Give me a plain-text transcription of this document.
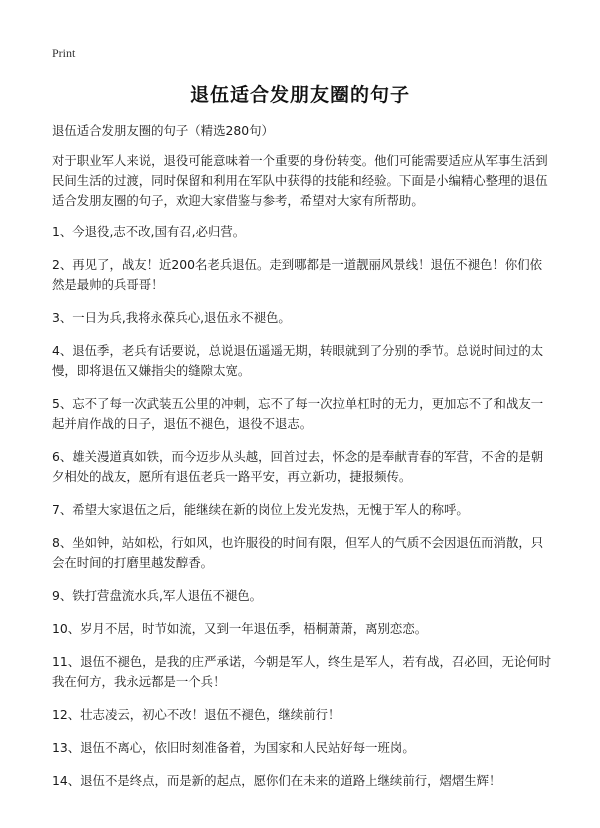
Print
退伍适合发朋友圈的句子

退伍适合发朋友圈的句子（精选280句）

对于职业军人来说，退役可能意味着一个重要的身份转变。他们可能需要适应从军事生活到民间生活的过渡，同时保留和利用在军队中获得的技能和经验。下面是小编精心整理的退伍适合发朋友圈的句子，欢迎大家借鉴与参考，希望对大家有所帮助。

1、今退役,志不改,国有召,必归营。

2、再见了，战友！近200名老兵退伍。走到哪都是一道靓丽风景线！退伍不褪色！你们依然是最帅的兵哥哥！

3、一日为兵,我将永葆兵心,退伍永不褪色。

4、退伍季，老兵有话要说，总说退伍遥遥无期，转眼就到了分别的季节。总说时间过的太慢，即将退伍又嫌指尖的缝隙太宽。

5、忘不了每一次武装五公里的冲刺，忘不了每一次拉单杠时的无力，更加忘不了和战友一起并肩作战的日子，退伍不褪色，退役不退志。

6、雄关漫道真如铁，而今迈步从头越，回首过去，怀念的是奉献青春的军营，不舍的是朝夕相处的战友，愿所有退伍老兵一路平安，再立新功，捷报频传。

7、希望大家退伍之后，能继续在新的岗位上发光发热，无愧于军人的称呼。

8、坐如钟，站如松，行如风，也许服役的时间有限，但军人的气质不会因退伍而消散，只会在时间的打磨里越发醇香。

9、铁打营盘流水兵,军人退伍不褪色。

10、岁月不居，时节如流，又到一年退伍季，梧桐萧萧，离别恋恋。

11、退伍不褪色，是我的庄严承诺，今朝是军人，终生是军人，若有战，召必回，无论何时我在何方，我永远都是一个兵！

12、壮志凌云，初心不改！退伍不褪色，继续前行！

13、退伍不离心，依旧时刻准备着，为国家和人民站好每一班岗。

14、退伍不是终点，而是新的起点，愿你们在未来的道路上继续前行，熠熠生辉！
